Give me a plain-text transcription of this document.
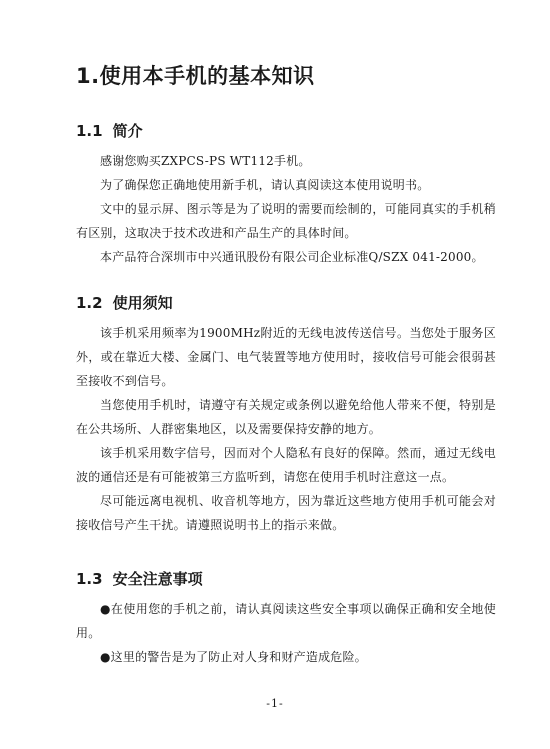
1.使用本手机的基本知识
1.1 简介

感谢您购买ZXPCS-PS WT112手机。

为了确保您正确地使用新手机，请认真阅读这本使用说明书。

文中的显示屏、图示等是为了说明的需要而绘制的，可能同真实的手机稍有区别，这取决于技术改进和产品生产的具体时间。

本产品符合深圳市中兴通讯股份有限公司企业标准Q/SZX 041-2000。

1.2 使用须知

该手机采用频率为1900MHz附近的无线电波传送信号。当您处于服务区外，或在靠近大楼、金属门、电气装置等地方使用时，接收信号可能会很弱甚至接收不到信号。

当您使用手机时，请遵守有关规定或条例以避免给他人带来不便，特别是在公共场所、人群密集地区，以及需要保持安静的地方。

该手机采用数字信号，因而对个人隐私有良好的保障。然而，通过无线电波的通信还是有可能被第三方监听到，请您在使用手机时注意这一点。

尽可能远离电视机、收音机等地方，因为靠近这些地方使用手机可能会对接收信号产生干扰。请遵照说明书上的指示来做。

1.3 安全注意事项

●在使用您的手机之前，请认真阅读这些安全事项以确保正确和安全地使用。

●这里的警告是为了防止对人身和财产造成危险。

-1-
